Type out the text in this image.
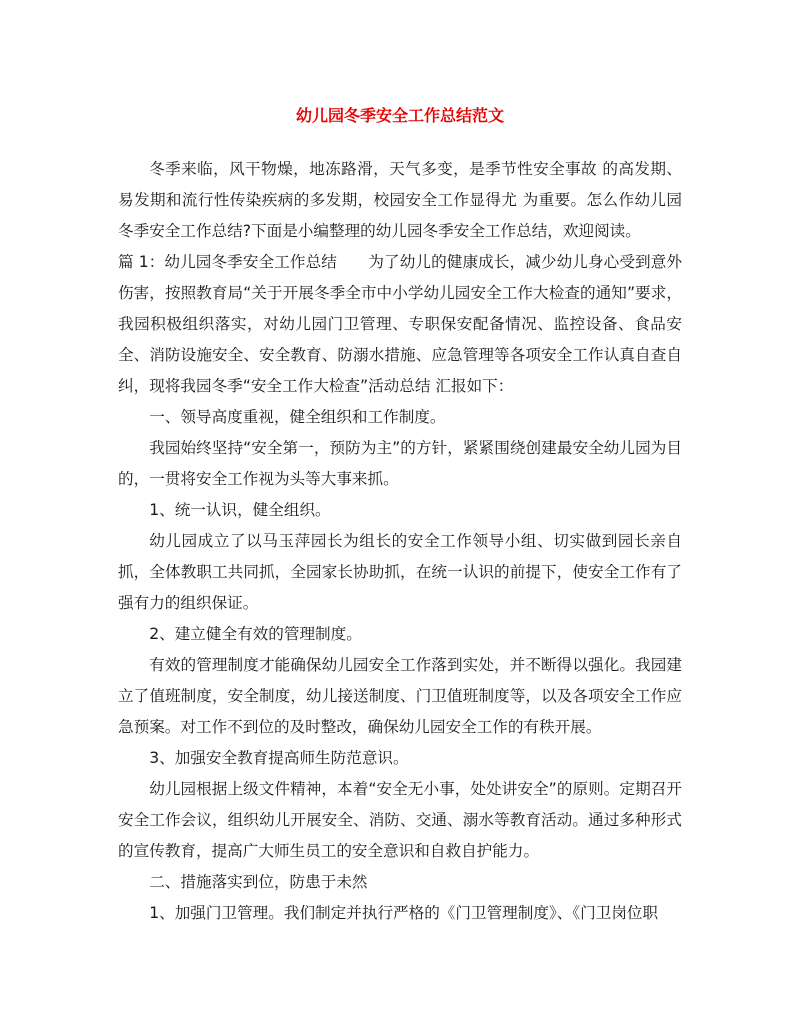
幼儿园冬季安全工作总结范文

冬季来临，风干物燥，地冻路滑，天气多变，是季节性安全事故 的高发期、易发期和流行性传染疾病的多发期，校园安全工作显得尤 为重要。怎么作幼儿园冬季安全工作总结?下面是小编整理的幼儿园冬季安全工作总结，欢迎阅读。

篇 1：幼儿园冬季安全工作总结　　为了幼儿的健康成长，减少幼儿身心受到意外伤害，按照教育局“关于开展冬季全市中小学幼儿园安全工作大检查的通知”要求，我园积极组织落实，对幼儿园门卫管理、专职保安配备情况、监控设备、食品安全、消防设施安全、安全教育、防溺水措施、应急管理等各项安全工作认真自查自纠，现将我园冬季“安全工作大检查”活动总结 汇报如下：

一、领导高度重视，健全组织和工作制度。

我园始终坚持“安全第一，预防为主”的方针，紧紧围绕创建最安全幼儿园为目的，一贯将安全工作视为头等大事来抓。

1、统一认识，健全组织。

幼儿园成立了以马玉萍园长为组长的安全工作领导小组、切实做到园长亲自抓，全体教职工共同抓，全园家长协助抓，在统一认识的前提下，使安全工作有了强有力的组织保证。

2、建立健全有效的管理制度。

有效的管理制度才能确保幼儿园安全工作落到实处，并不断得以强化。我园建立了值班制度，安全制度，幼儿接送制度、门卫值班制度等，以及各项安全工作应急预案。对工作不到位的及时整改，确保幼儿园安全工作的有秩开展。

3、加强安全教育提高师生防范意识。

幼儿园根据上级文件精神，本着“安全无小事，处处讲安全”的原则。定期召开安全工作会议，组织幼儿开展安全、消防、交通、溺水等教育活动。通过多种形式的宣传教育，提高广大师生员工的安全意识和自救自护能力。

二、措施落实到位，防患于未然

1、加强门卫管理。我们制定并执行严格的《门卫管理制度》、《门卫岗位职
